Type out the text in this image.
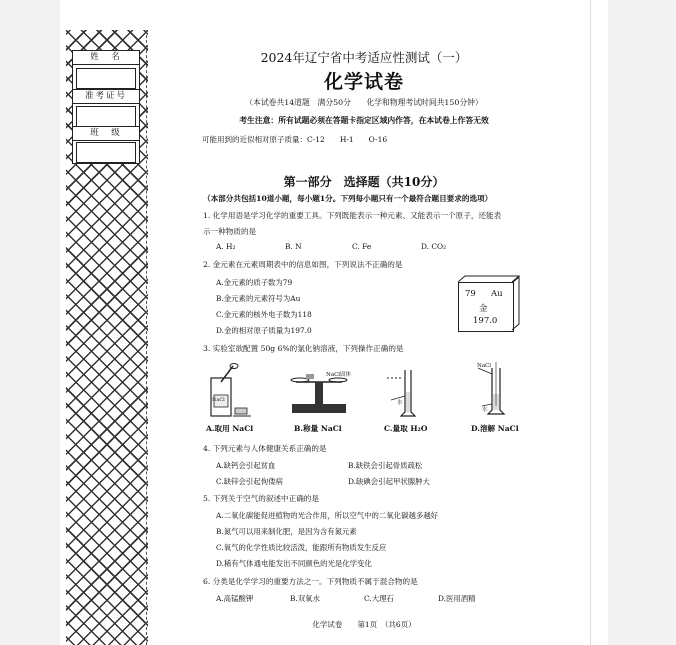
姓　名
准考证号
班　级
2024年辽宁省中考适应性测试（一）
化学试卷
（本试卷共14道题　满分50分　　化学和物理考试时间共150分钟）
考生注意：所有试题必须在答题卡指定区域内作答，在本试卷上作答无效
可能用到的近似相对原子质量：C-12　　H-1　　O-16
第一部分　选择题（共10分）
（本部分共包括10道小题，每小题1分。下列每小题只有一个最符合题目要求的选项）
1. 化学用语是学习化学的重要工具。下列既能表示一种元素、又能表示一个原子，还能表
示一种物质的是
A. H₂	B. N	C. Fe	D. CO₂
2. 金元素在元素周期表中的信息如图，下列说法不正确的是
A.金元素的质子数为79
B.金元素的元素符号为Au
C.金元素的核外电子数为118
D.金的相对原子质量为197.0
79 Au
金
197.0
3. 实验室欲配置 50g 6%的氯化钠溶液，下列操作正确的是
NaCl
NaCl固体
水
NaCl
水
A.取用 NaCl	B.称量 NaCl	C.量取 H₂O	D.溶解 NaCl
4. 下列元素与人体健康关系正确的是
A.缺钙会引起贫血	B.缺铁会引起骨质疏松
C.缺锌会引起佝偻病	D.缺碘会引起甲状腺肿大
5. 下列关于空气的叙述中正确的是
A.二氧化碳能促进植物的光合作用，所以空气中的二氧化碳越多越好
B.氮气可以用来制化肥，是因为含有氮元素
C.氧气的化学性质比较活泼，能跟所有物质发生反应
D.稀有气体通电能发出不同颜色的光是化学变化
6. 分类是化学学习的重要方法之一。下列物质不属于混合物的是
A.高锰酸钾	B.双氧水	C.大理石	D.医用酒精
化学试卷　　第1页　（共6页）
